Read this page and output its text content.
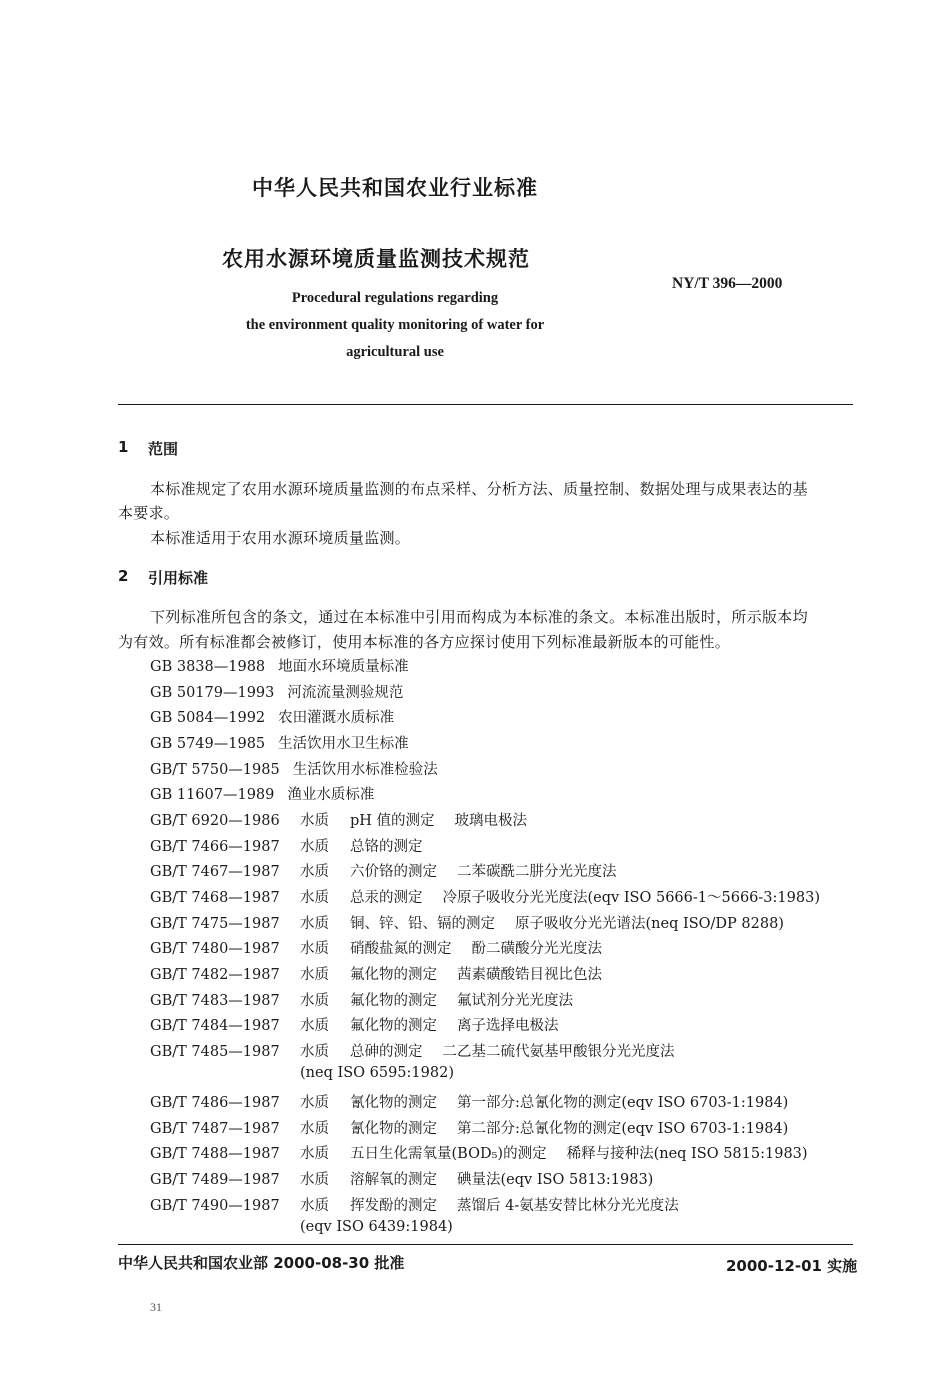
中华人民共和国农业行业标准
农用水源环境质量监测技术规范
NY/T 396—2000
Procedural regulations regarding
the environment quality monitoring of water for
agricultural use
1 范围
本标准规定了农用水源环境质量监测的布点采样、分析方法、质量控制、数据处理与成果表达的基
本要求。
本标准适用于农用水源环境质量监测。
2 引用标准
下列标准所包含的条文，通过在本标准中引用而构成为本标准的条文。本标准出版时，所示版本均
为有效。所有标准都会被修订，使用本标准的各方应探讨使用下列标准最新版本的可能性。
GB 3838—1988 地面水环境质量标准
GB 50179—1993 河流流量测验规范
GB 5084—1992 农田灌溉水质标准
GB 5749—1985 生活饮用水卫生标准
GB/T 5750—1985 生活饮用水标准检验法
GB 11607—1989 渔业水质标准
GB/T 6920—1986 水质 pH 值的测定 玻璃电极法
GB/T 7466—1987 水质 总铬的测定
GB/T 7467—1987 水质 六价铬的测定 二苯碳酰二肼分光光度法
GB/T 7468—1987 水质 总汞的测定 冷原子吸收分光光度法(eqv ISO 5666-1～5666-3:1983)
GB/T 7475—1987 水质 铜、锌、铅、镉的测定 原子吸收分光光谱法(neq ISO/DP 8288)
GB/T 7480—1987 水质 硝酸盐氮的测定 酚二磺酸分光光度法
GB/T 7482—1987 水质 氟化物的测定 茜素磺酸锆目视比色法
GB/T 7483—1987 水质 氟化物的测定 氟试剂分光光度法
GB/T 7484—1987 水质 氟化物的测定 离子选择电极法
GB/T 7485—1987 水质 总砷的测定 二乙基二硫代氨基甲酸银分光光度法
(neq ISO 6595:1982)
GB/T 7486—1987 水质 氰化物的测定 第一部分:总氰化物的测定(eqv ISO 6703-1:1984)
GB/T 7487—1987 水质 氰化物的测定 第二部分:总氰化物的测定(eqv ISO 6703-1:1984)
GB/T 7488—1987 水质 五日生化需氧量(BOD₅)的测定 稀释与接种法(neq ISO 5815:1983)
GB/T 7489—1987 水质 溶解氧的测定 碘量法(eqv ISO 5813:1983)
GB/T 7490—1987 水质 挥发酚的测定 蒸馏后 4-氨基安替比林分光光度法
(eqv ISO 6439:1984)
中华人民共和国农业部 2000-08-30 批准	2000-12-01 实施
31
